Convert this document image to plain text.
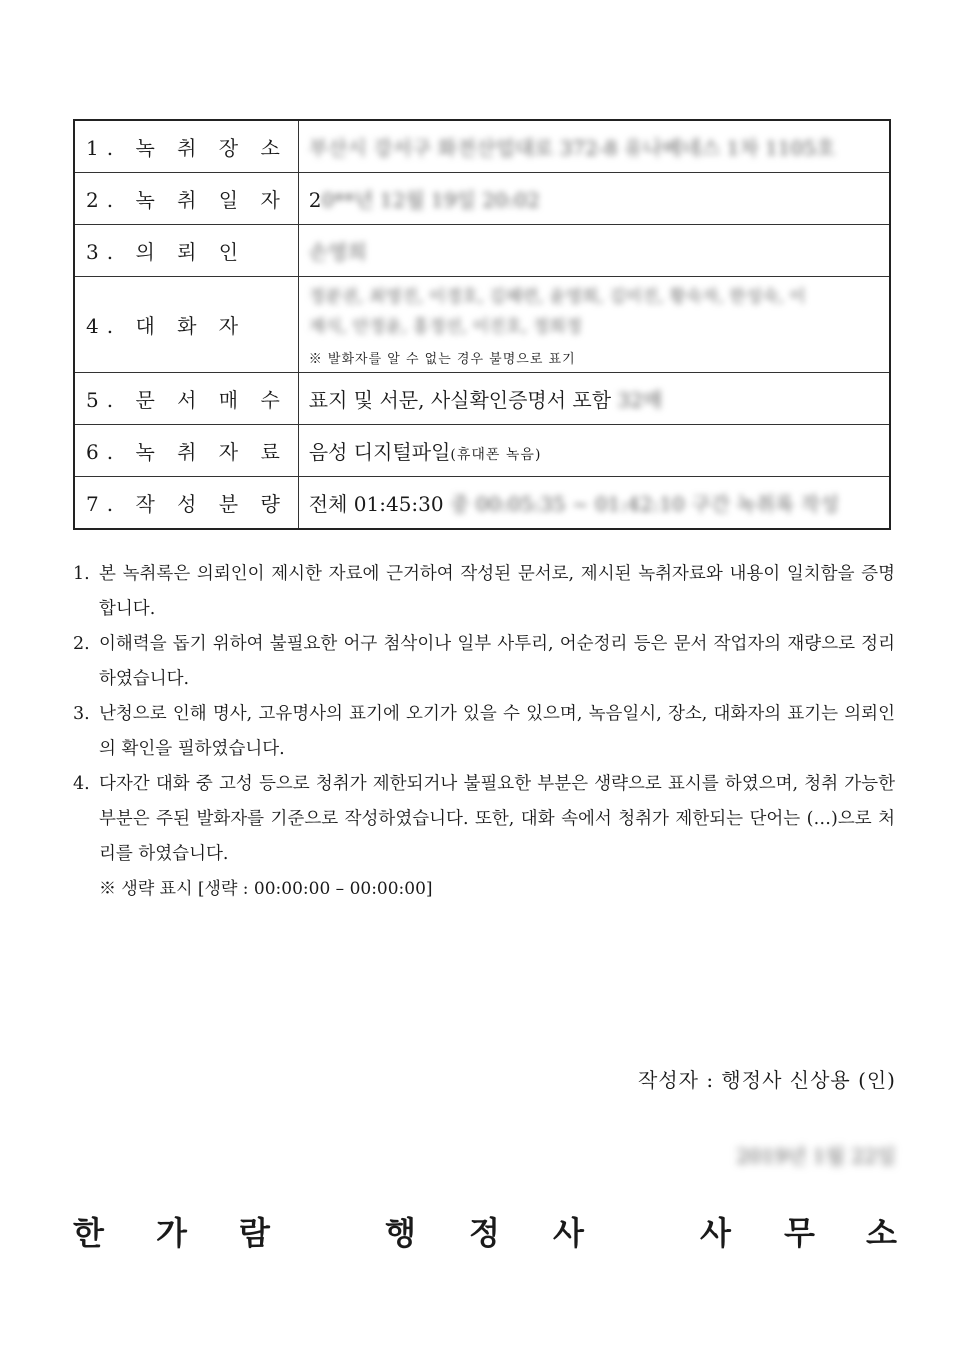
1. 녹 취 장 소	부산시 강서구 화전산업대로 372-8 유나베네스 1차 1105호
2. 녹 취 일 자	20**년 12월 19일 20:02
3. 의 뢰 인	손영희
4. 대 화 자	정분권, 최영진, 이경호, 김혜련, 윤영희, 김미진, 황숙자, 한성숙, 이
재식, 안정윤, 홍정선, 이진호, 정희정
※ 발화자를 알 수 없는 경우 불명으로 표기

5. 문 서 매 수	표지 및 서문, 사실확인증명서 포함 32매
6. 녹 취 자 료	음성 디지털파일(휴대폰 녹음)
7. 작 성 분 량	전체 01:45:30 중 00:05:35 ~ 01:42:10 구간 녹취록 작성
1. 본 녹취록은 의뢰인이 제시한 자료에 근거하여 작성된 문서로, 제시된 녹취자료와 내용이 일치함을 증명합니다.
2. 이해력을 돕기 위하여 불필요한 어구 첨삭이나 일부 사투리, 어순정리 등은 문서 작업자의 재량으로 정리하였습니다.
3. 난청으로 인해 명사, 고유명사의 표기에 오기가 있을 수 있으며, 녹음일시, 장소, 대화자의 표기는 의뢰인의 확인을 필하였습니다.
4. 다자간 대화 중 고성 등으로 청취가 제한되거나 불필요한 부분은 생략으로 표시를 하였으며, 청취 가능한 부분은 주된 발화자를 기준으로 작성하였습니다. 또한, 대화 속에서 청취가 제한되는 단어는 (…)으로 처리를 하였습니다.
※ 생략 표시 [생략 : 00:00:00 – 00:00:00]
작성자 : 행정사 신상용 (인)
2019년 1월 22일
한 가 람	행 정 사	사 무 소
